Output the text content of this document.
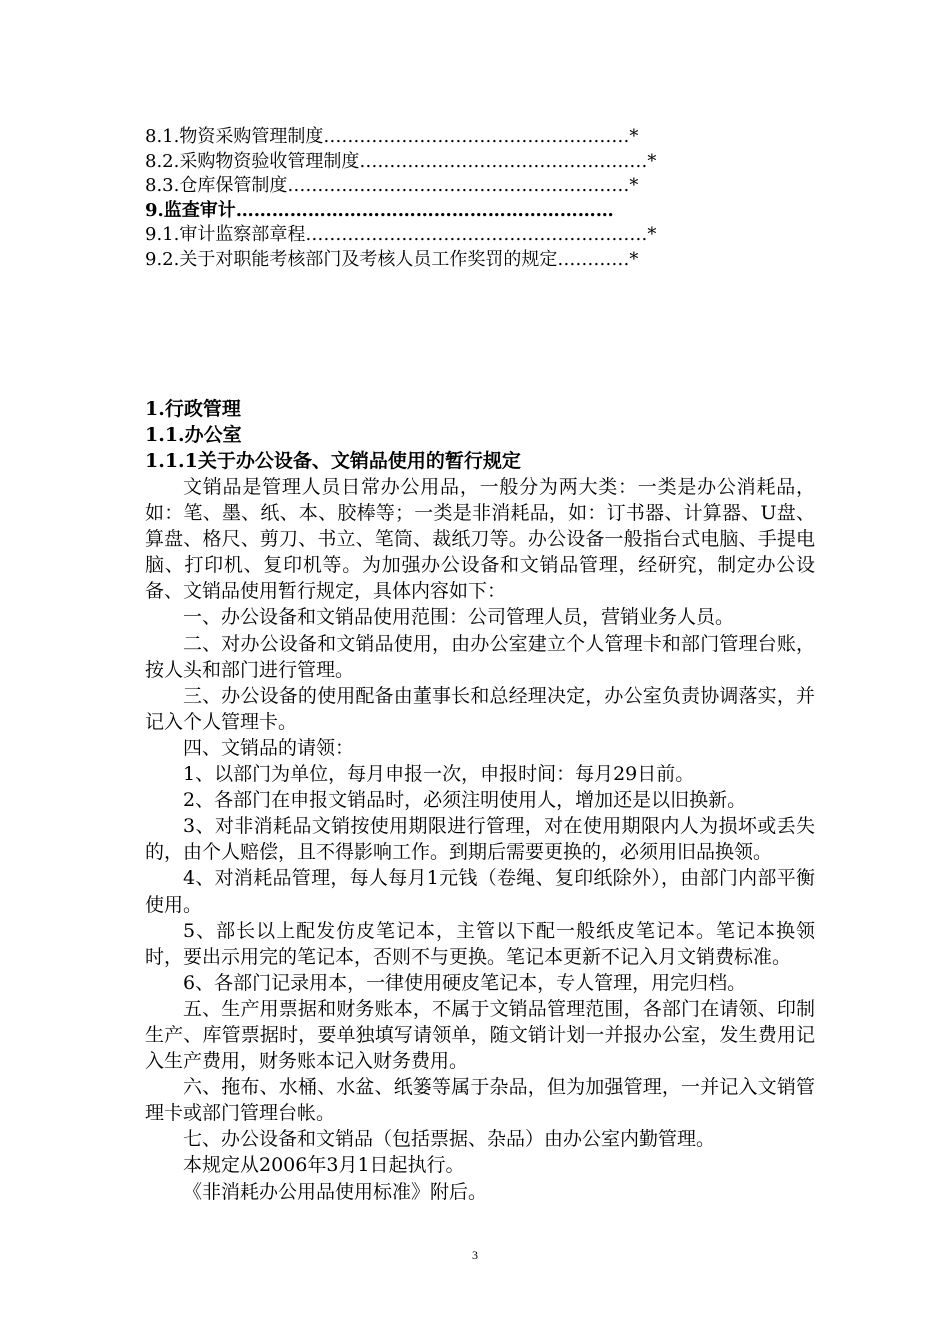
8.1.物资采购管理制度……………………………………………*
8.2.采购物资验收管理制度…………………………………………*
8.3.仓库保管制度…………………………………………………*
9.监查审计………………………………………………………
9.1.审计监察部章程…………………………………………………*
9.2.关于对职能考核部门及考核人员工作奖罚的规定…………*
1.行政管理
1.1.办公室
1.1.1关于办公设备、文销品使用的暂行规定

文销品是管理人员日常办公用品，一般分为两大类：一类是办公消耗品，如：笔、墨、纸、本、胶棒等；一类是非消耗品，如：订书器、计算器、U盘、算盘、格尺、剪刀、书立、笔筒、裁纸刀等。办公设备一般指台式电脑、手提电脑、打印机、复印机等。为加强办公设备和文销品管理，经研究，制定办公设备、文销品使用暂行规定，具体内容如下：

一、办公设备和文销品使用范围：公司管理人员，营销业务人员。

二、对办公设备和文销品使用，由办公室建立个人管理卡和部门管理台账，按人头和部门进行管理。

三、办公设备的使用配备由董事长和总经理决定，办公室负责协调落实，并记入个人管理卡。

四、文销品的请领：

1、以部门为单位，每月申报一次，申报时间：每月29日前。

2、各部门在申报文销品时，必须注明使用人，增加还是以旧换新。

3、对非消耗品文销按使用期限进行管理，对在使用期限内人为损坏或丢失的，由个人赔偿，且不得影响工作。到期后需要更换的，必须用旧品换领。

4、对消耗品管理，每人每月1元钱（卷绳、复印纸除外），由部门内部平衡使用。

5、部长以上配发仿皮笔记本，主管以下配一般纸皮笔记本。笔记本换领时，要出示用完的笔记本，否则不与更换。笔记本更新不记入月文销费标准。

6、各部门记录用本，一律使用硬皮笔记本，专人管理，用完归档。

五、生产用票据和财务账本，不属于文销品管理范围，各部门在请领、印制生产、库管票据时，要单独填写请领单，随文销计划一并报办公室，发生费用记入生产费用，财务账本记入财务费用。

六、拖布、水桶、水盆、纸篓等属于杂品，但为加强管理，一并记入文销管理卡或部门管理台帐。

七、办公设备和文销品（包括票据、杂品）由办公室内勤管理。

本规定从2006年3月1日起执行。

《非消耗办公用品使用标准》附后。

3
